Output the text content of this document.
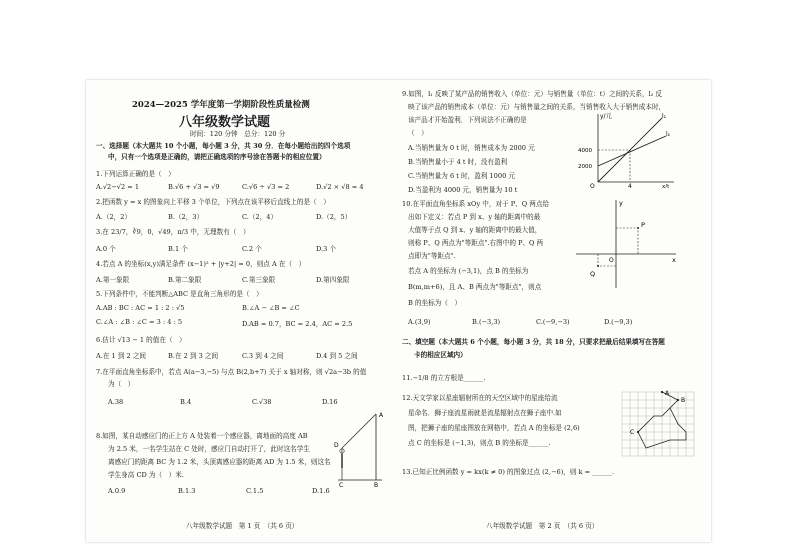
2024—2025 学年度第一学期阶段性质量检测
八年级数学试题
时间：120 分钟　总分：120 分
一、选择题（本大题共 10 个小题，每小题 3 分，共 30 分．在每小题给出的四个选项
中，只有一个选项是正确的，请把正确选项的序号涂在答题卡的相应位置）
1.下列运算正确的是（　）
A.√2−√2 = 1	B.√6 + √3 = √9	C.√6 ÷ √3 = 2	D.√2 × √8 = 4
2.把函数 y = x 的图象向上平移 3 个单位，下列点在该平移后直线上的是（　）
A.（2，2）	B.（2，3）	C.（2，4）	D.（2，5）
3.在 23/7，∛9，0，√49，π/3 中，无理数有（　）
A.0 个	B.1 个	C.2 个	D.3 个
4.若点 A 的坐标(x,y)满足条件 (x−1)² + |y+2| = 0，则点 A 在（　）
A.第一象限	B.第二象限	C.第三象限	D.第四象限
5.下列条件中，不能判断△ABC 是直角三角形的是（　）
A.AB : BC : AC = 1 : 2 : √5	B.∠A − ∠B = ∠C
C.∠A : ∠B : ∠C = 3 : 4 : 5	D.AB = 0.7，BC = 2.4，AC = 2.5
6.估计 √13 − 1 的值在（　）
A.在 1 到 2 之间	B.在 2 到 3 之间	C.3 到 4 之间	D.4 到 5 之间
7.在平面直角坐标系中，若点 A(a−3,−5) 与点 B(2,b+7) 关于 x 轴对称，则 √2a−3b 的值
为（　）
A.38	B.4	C.√38	D.16
8.如图，某自动感应门的正上方 A 处装着一个感应器，离地面的高度 AB
为 2.5 米，一名学生站在 C 处时，感应门自动打开了，此时这名学生
离感应门的距离 BC 为 1.2 米，头顶离感应器的距离 AD 为 1.5 米，则这名
学生身高 CD 为（　）米.
A.0.9	B.1.3	C.1.5	D.1.6
A
D
C	B
八年级数学试题　第 1 页　（共 6 页）
9.如图，l₁ 反映了某产品的销售收入（单位：元）与销售量（单位：t）之间的关系，l₂ 反
映了该产品的销售成本（单位：元）与销售量之间的关系，当销售收入大于销售成本时，
该产品才开始盈利．下列说法不正确的是
（　）
A.当销售量为 0 t 时，销售成本为 2000 元
B.当销售量小于 4 t 时，没有盈利
C.当销售量为 6 t 时，盈利 1000 元
D.当盈利为 4000 元，销售量为 10 t
y/元
x/t
O
2000
4000
4
l₁
l₂
10.在平面直角坐标系 xOy 中，对于 P、Q 两点给
出如下定义：若点 P 到 x、y 轴的距离中的最
大值等于点 Q 到 x、y 轴的距离中的最大值，
则称 P、Q 两点为"等距点".右图中的 P、Q 两
点即为"等距点".
若点 A 的坐标为 (−3,1)，点 B 的坐标为
B(m,m+6)，且 A、B 两点为"等距点"，则点
B 的坐标为（　）
A.(3,9)	B.(−3,3)	C.(−9,−3)	D.(−9,3)
y
x
O
P
Q
二、填空题（本大题共 6 个小题，每小题 3 分，共 18 分，只要求把最后结果填写在答题
卡的相应区域内）
11.−1/8 的立方根是______.
12.天文学家以星座辐射所在的天空区域中的星座给流
星命名．狮子座流星雨就是流星辐射点在狮子座中.如
图，把狮子座的星座图放在网格中，若点 A 的坐标是 (2,6)
点 C 的坐标是 (−1,3)，则点 B 的坐标是______.
A
B
C
13.已知正比例函数 y = kx(k ≠ 0) 的图象过点 (2,−6)，则 k = ______.
八年级数学试题　第 2 页　（共 6 页）
